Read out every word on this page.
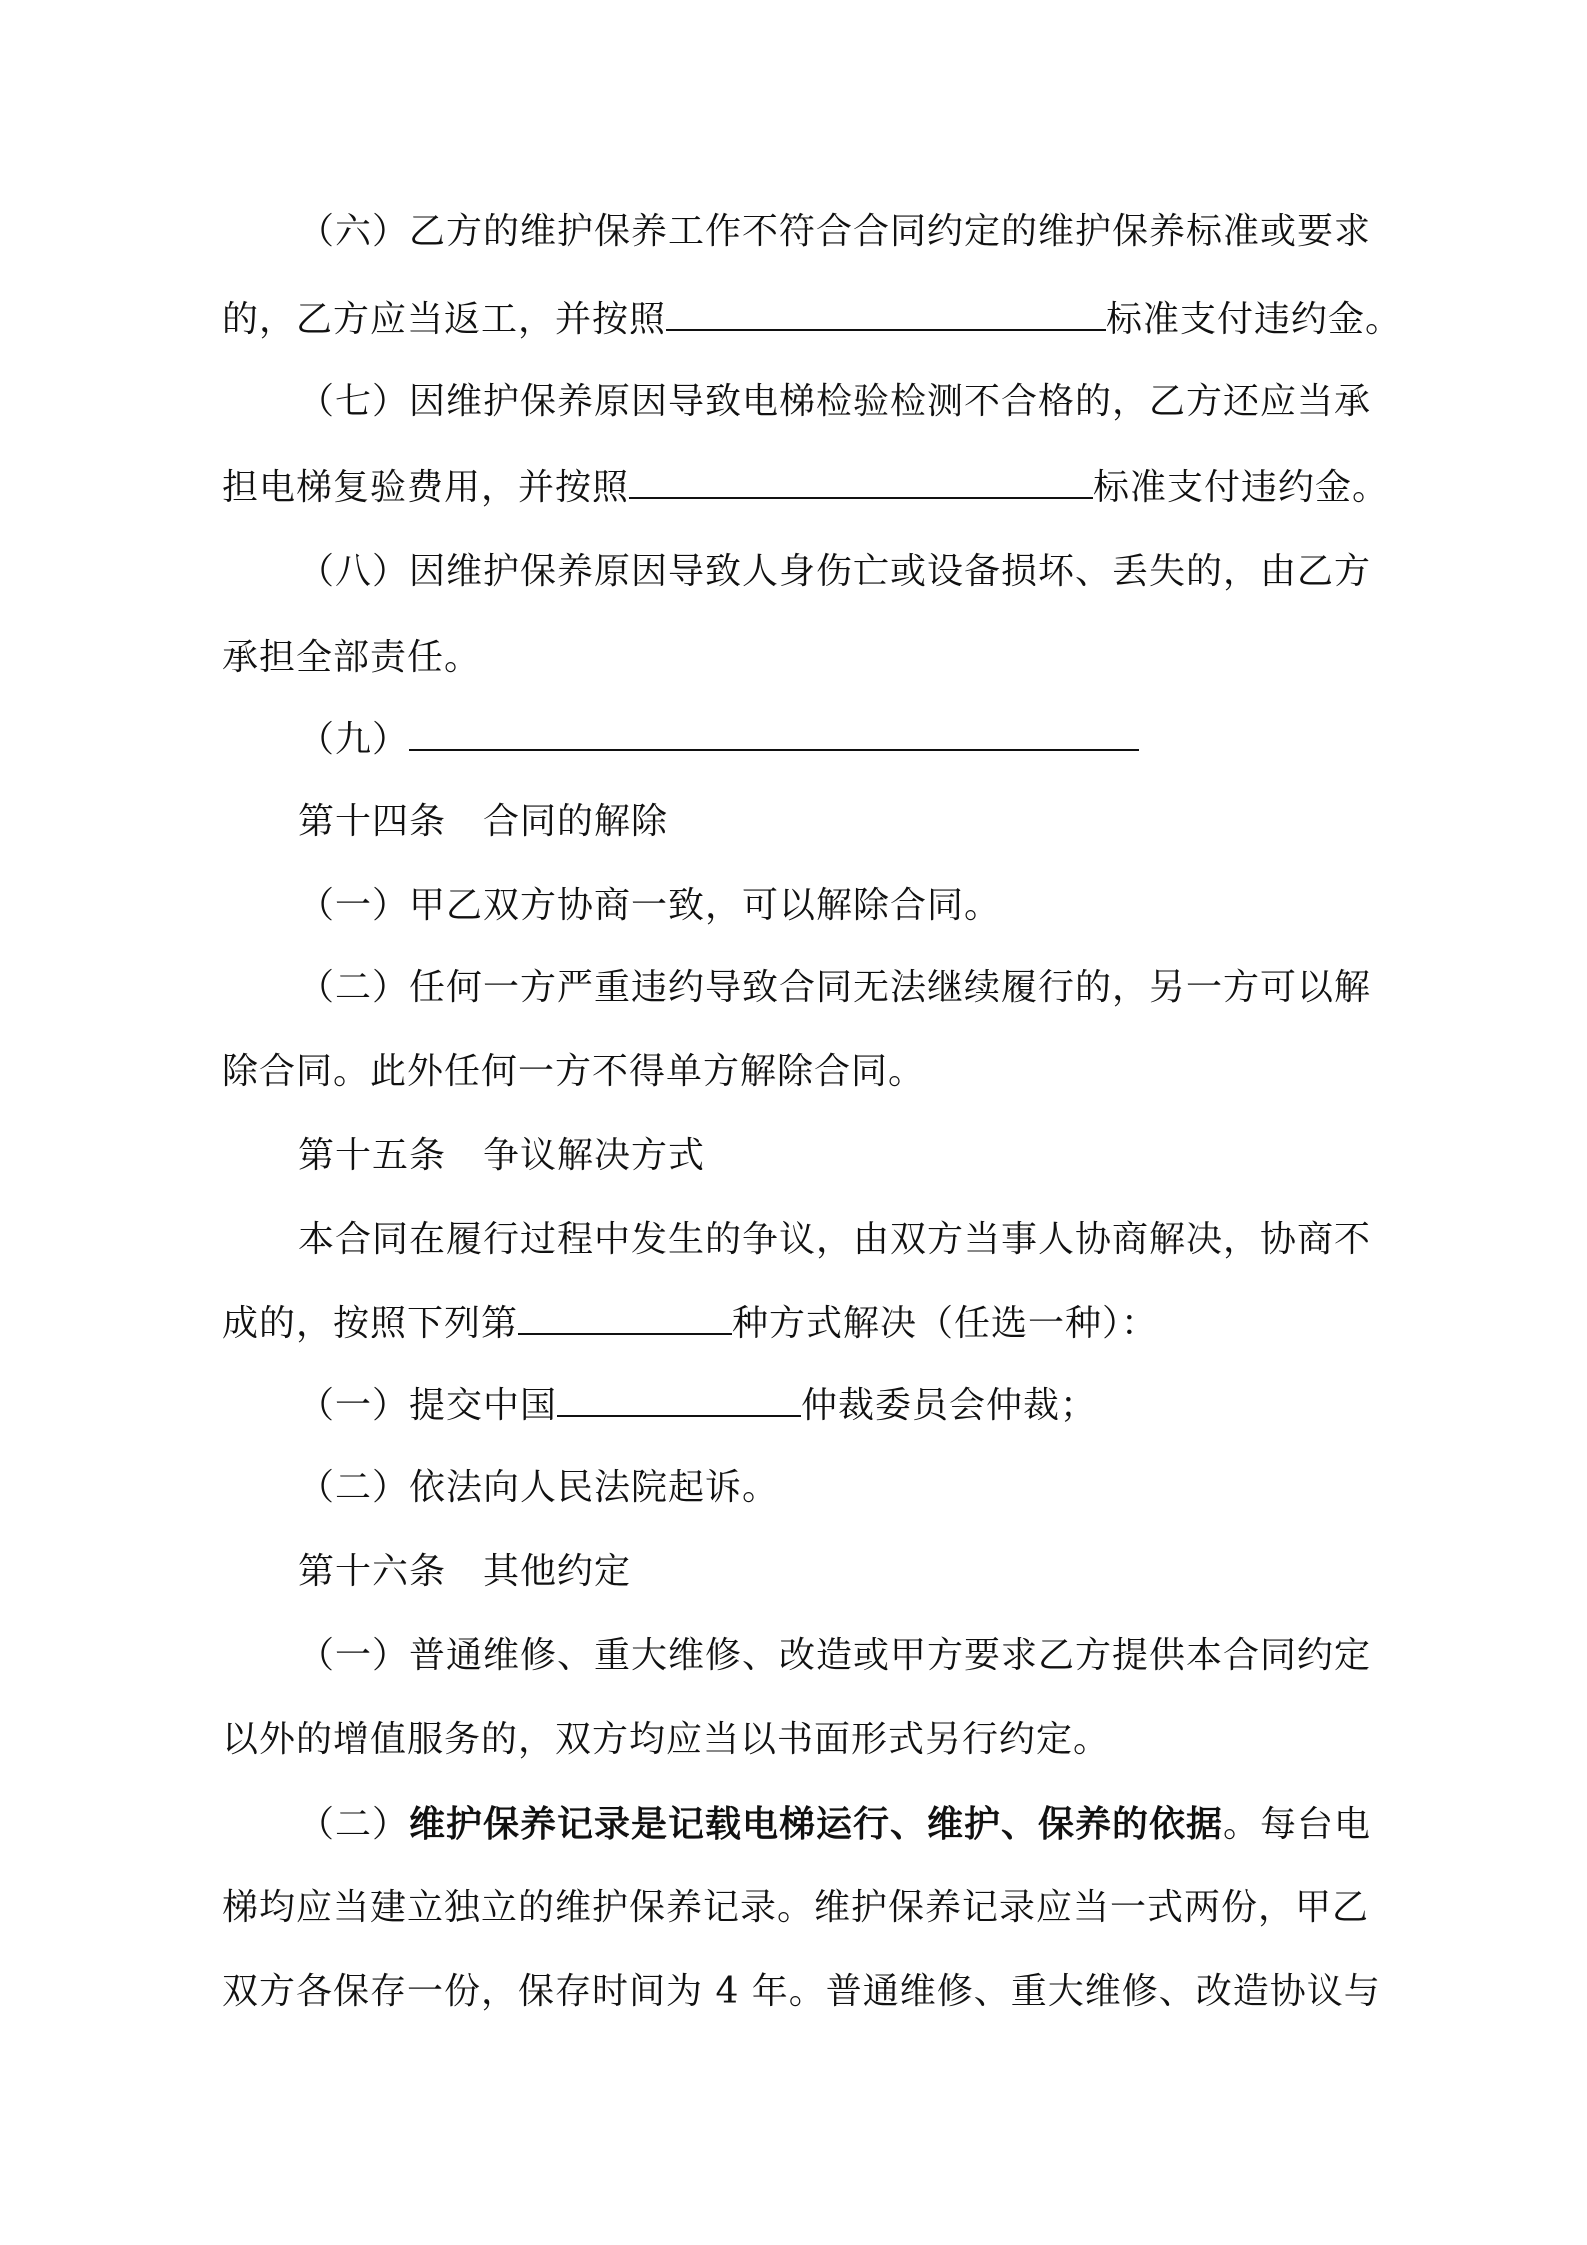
（六）乙方的维护保养工作不符合合同约定的维护保养标准或要求
的，乙方应当返工，并按照	标准支付违约金。
（七）因维护保养原因导致电梯检验检测不合格的，乙方还应当承
担电梯复验费用，并按照	标准支付违约金。
（八）因维护保养原因导致人身伤亡或设备损坏、丢失的，由乙方
承担全部责任。
（九）
第十四条　合同的解除
（一）甲乙双方协商一致，可以解除合同。
（二）任何一方严重违约导致合同无法继续履行的，另一方可以解
除合同。此外任何一方不得单方解除合同。
第十五条　争议解决方式
本合同在履行过程中发生的争议，由双方当事人协商解决，协商不
成的，按照下列第	种方式解决（任选一种）：
（一）提交中国	仲裁委员会仲裁；
（二）依法向人民法院起诉。
第十六条　其他约定
（一）普通维修、重大维修、改造或甲方要求乙方提供本合同约定
以外的增值服务的，双方均应当以书面形式另行约定。
（二）维护保养记录是记载电梯运行、维护、保养的依据。每台电
梯均应当建立独立的维护保养记录。维护保养记录应当一式两份，甲乙
双方各保存一份，保存时间为 4 年。普通维修、重大维修、改造协议与
